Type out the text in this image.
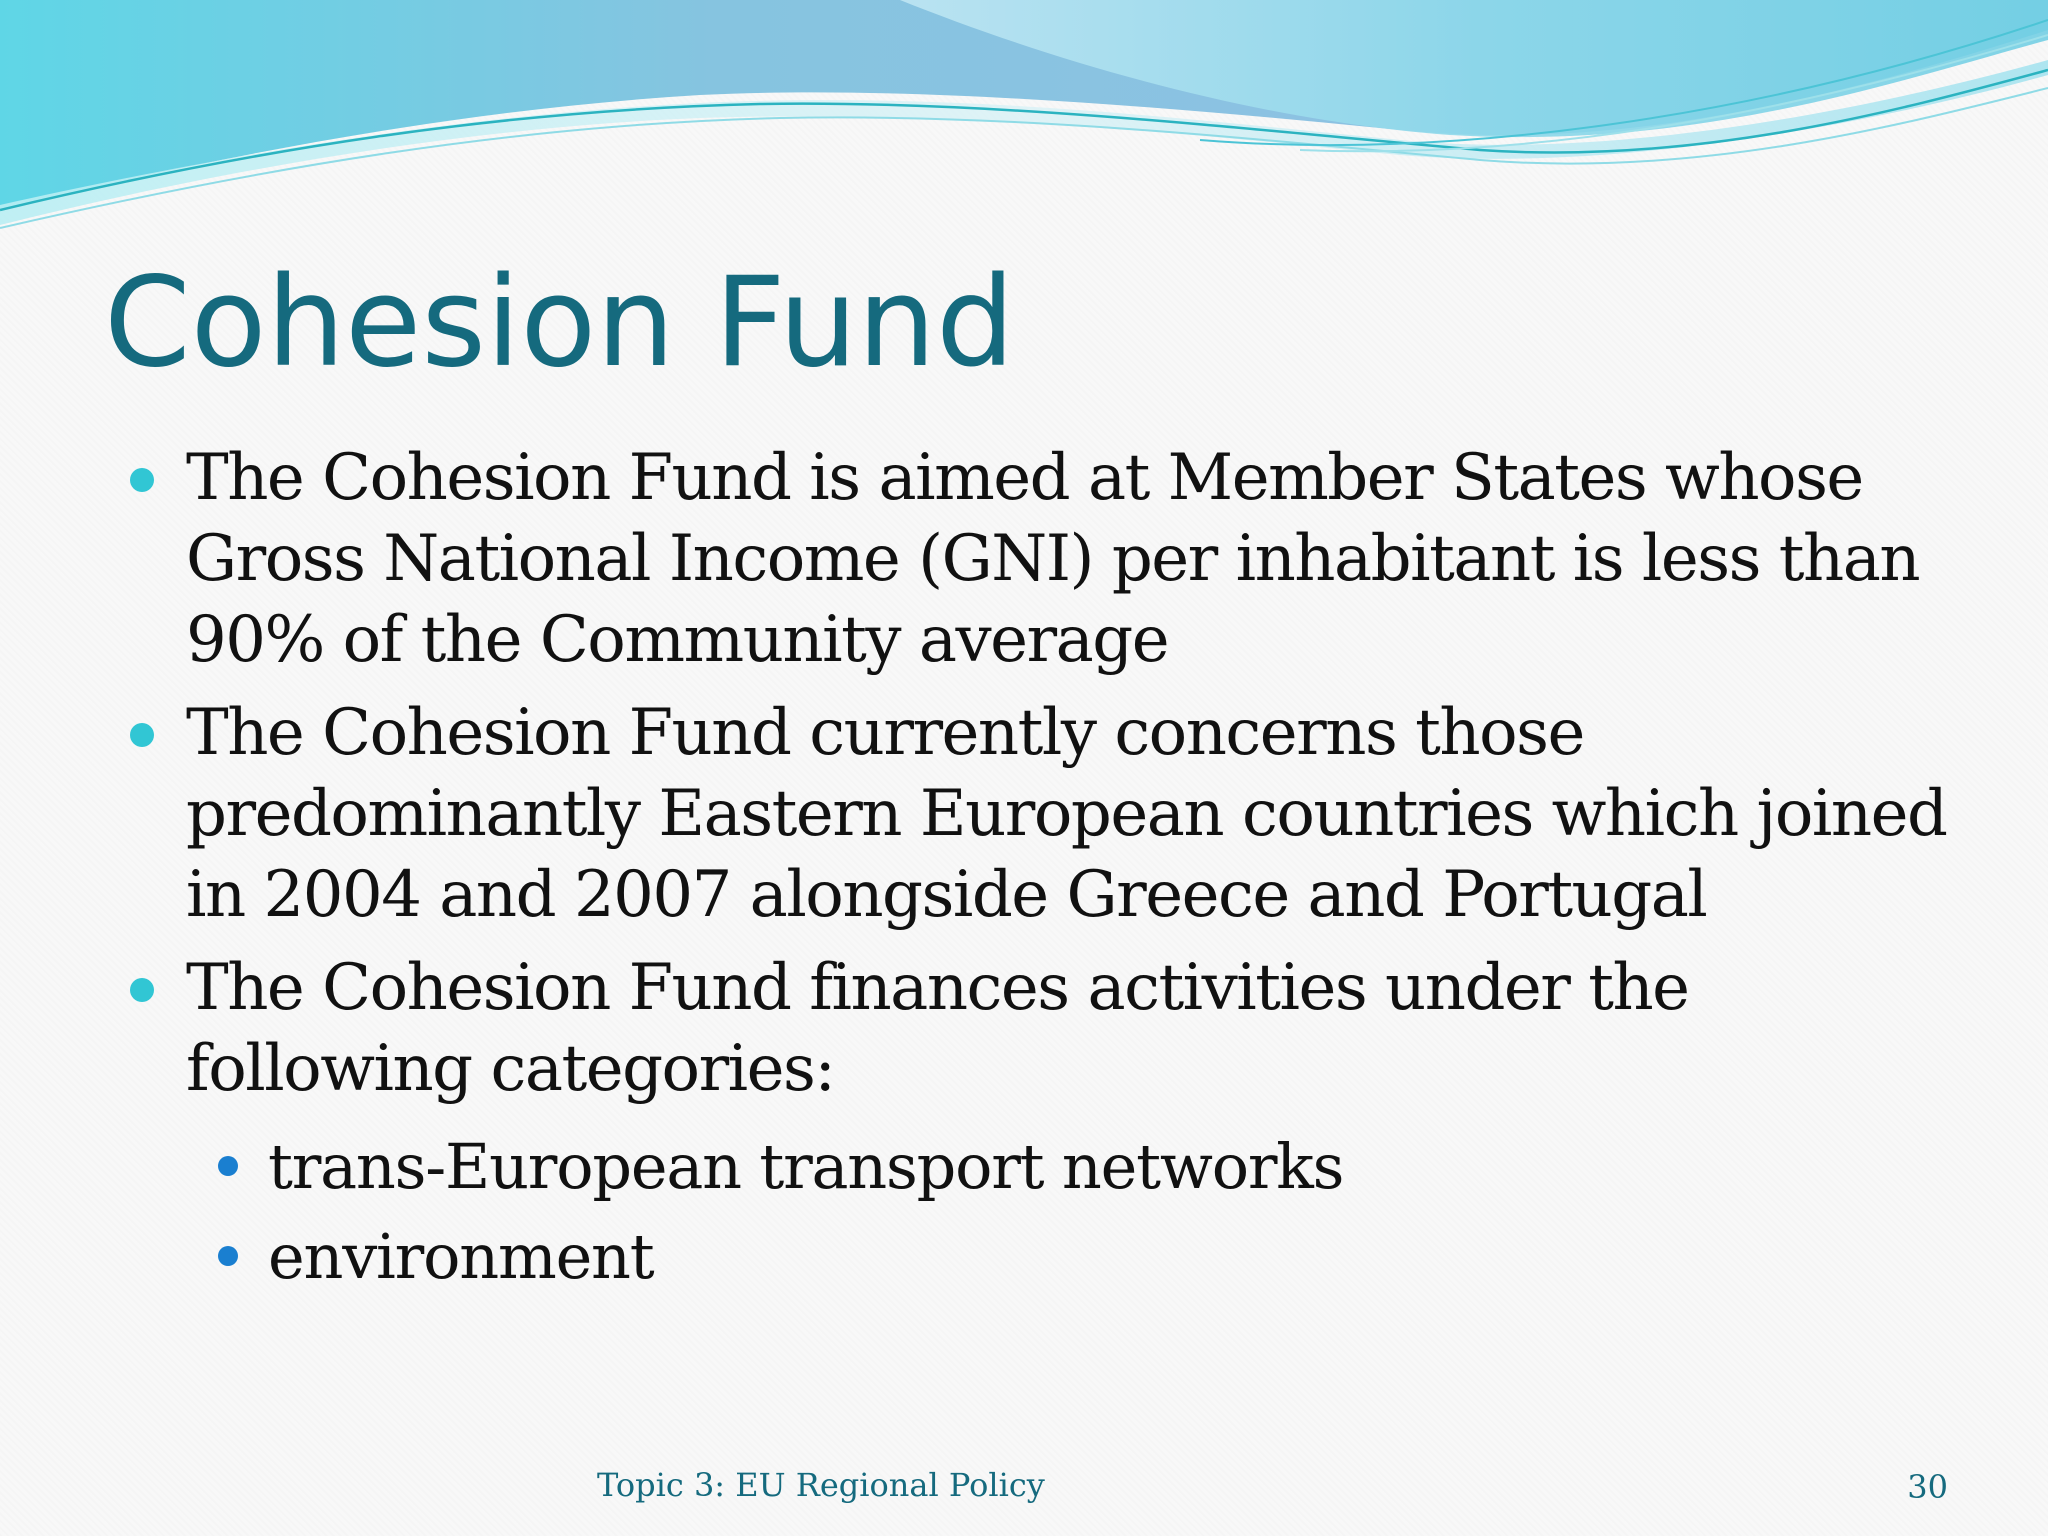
Cohesion Fund
The Cohesion Fund is aimed at Member States whose Gross National Income (GNI) per inhabitant is less than 90% of the Community average
The Cohesion Fund currently concerns those predominantly Eastern European countries which joined in 2004 and 2007 alongside Greece and Portugal
The Cohesion Fund finances activities under the following categories:
trans-European transport networks
environment
Topic 3: EU Regional Policy	30
